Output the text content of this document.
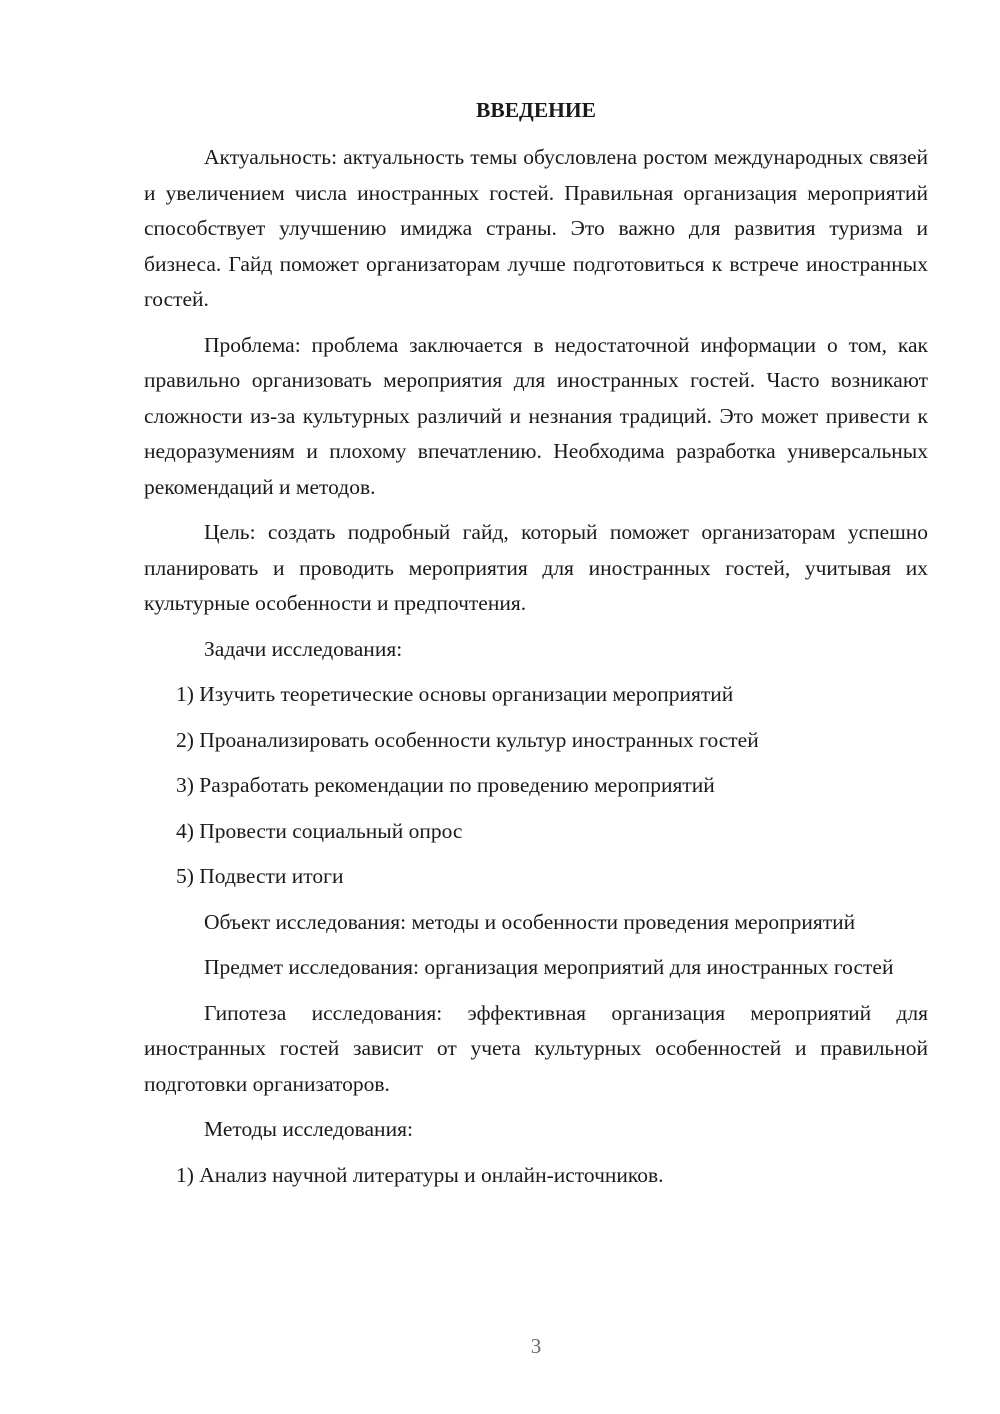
ВВЕДЕНИЕ

Актуальность: актуальность темы обусловлена ростом международных связей и увеличением числа иностранных гостей. Правильная организация мероприятий способствует улучшению имиджа страны. Это важно для развития туризма и бизнеса. Гайд поможет организаторам лучше подготовиться к встрече иностранных гостей.

Проблема: проблема заключается в недостаточной информации о том, как правильно организовать мероприятия для иностранных гостей. Часто возникают сложности из-за культурных различий и незнания традиций. Это может привести к недоразумениям и плохому впечатлению. Необходима разработка универсальных рекомендаций и методов.

Цель: создать подробный гайд, который поможет организаторам успешно планировать и проводить мероприятия для иностранных гостей, учитывая их культурные особенности и предпочтения.

Задачи исследования:

1) Изучить теоретические основы организации мероприятий
2) Проанализировать особенности культур иностранных гостей
3) Разработать рекомендации по проведению мероприятий
4) Провести социальный опрос
5) Подвести итоги

Объект исследования: методы и особенности проведения мероприятий

Предмет исследования: организация мероприятий для иностранных гостей

Гипотеза исследования: эффективная организация мероприятий для иностранных гостей зависит от учета культурных особенностей и правильной подготовки организаторов.

Методы исследования:

1) Анализ научной литературы и онлайн-источников.
3
